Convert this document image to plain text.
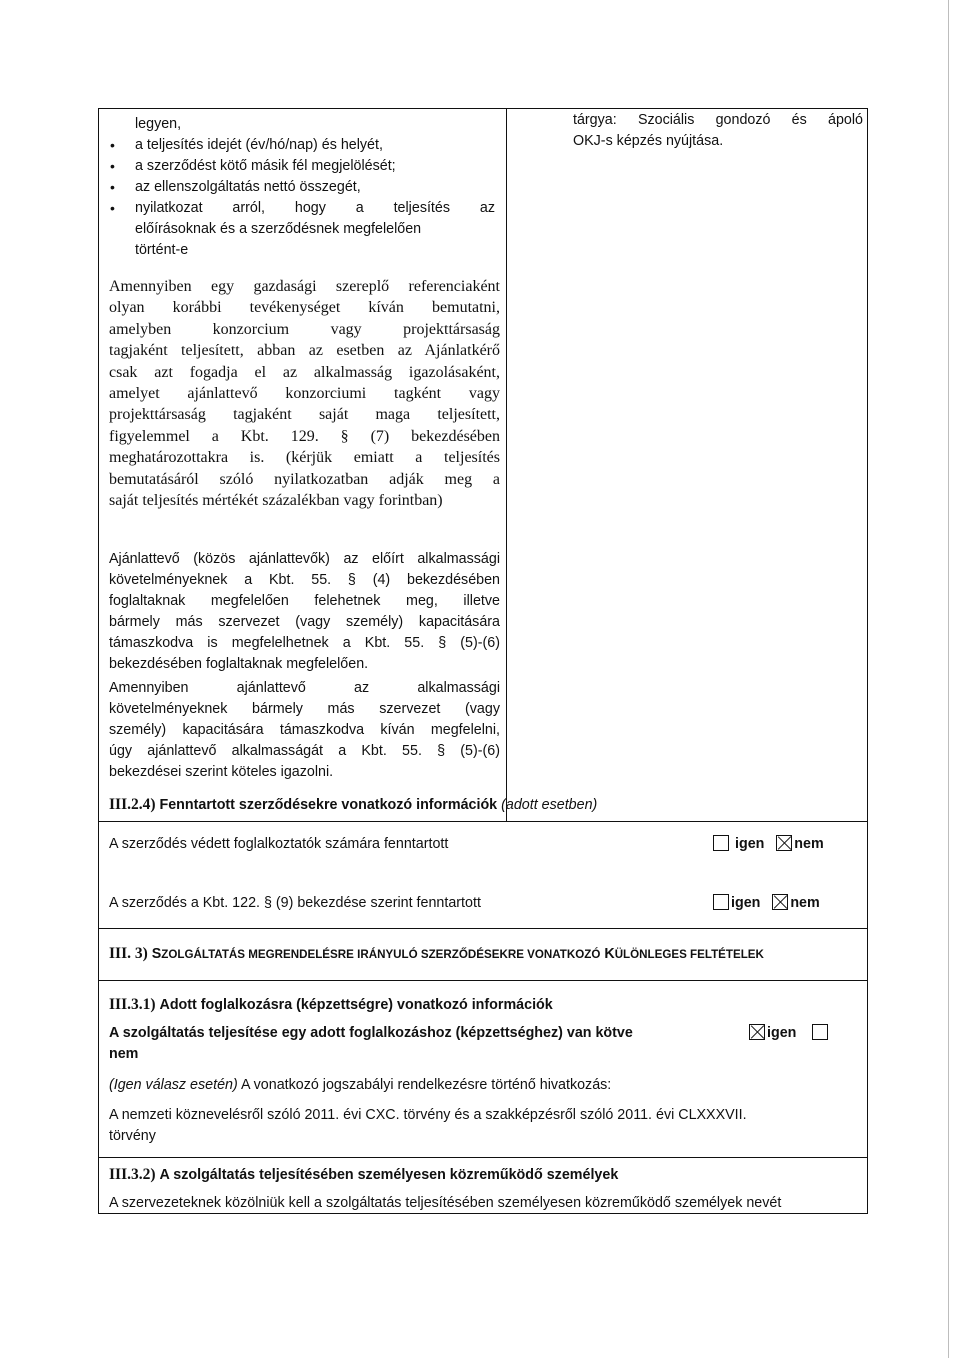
legyen,

• a teljesítés idejét (év/hó/nap) és helyét,
• a szerződést kötő másik fél megjelölését;
• az ellenszolgáltatás nettó összegét,
• nyilatkozat arról, hogy a teljesítés az
előírásoknak és a szerződésnek megfelelően
történt-e

tárgya: Szociális gondozó és ápoló

OKJ-s képzés nyújtása.

Amennyiben egy gazdasági szereplő referenciaként

olyan korábbi tevékenységet kíván bemutatni,

amelyben konzorcium vagy projekttársaság

tagjaként teljesített, abban az esetben az Ajánlatkérő

csak azt fogadja el az alkalmasság igazolásaként,

amelyet ajánlattevő konzorciumi tagként vagy

projekttársaság tagjaként saját maga teljesített,

figyelemmel a Kbt. 129. § (7) bekezdésében

meghatározottakra is. (kérjük emiatt a teljesítés

bemutatásáról szóló nyilatkozatban adják meg a

saját teljesítés mértékét százalékban vagy forintban)

Ajánlattevő (közös ajánlattevők) az előírt alkalmassági

követelményeknek a Kbt. 55. § (4) bekezdésében

foglaltaknak megfelelően felehetnek meg, illetve

bármely más szervezet (vagy személy) kapacitására

támaszkodva is megfelelhetnek a Kbt. 55. § (5)-(6)

bekezdésében foglaltaknak megfelelően.

Amennyiben ajánlattevő az alkalmassági

követelményeknek bármely más szervezet (vagy

személy) kapacitására támaszkodva kíván megfelelni,

úgy ajánlattevő alkalmasságát a Kbt. 55. § (5)-(6)

bekezdései szerint köteles igazolni.

III.2.4) Fenntartott szerződésekre vonatkozó információk (adott esetben)
A szerződés védett foglalkoztatók számára fenntartott	igen nem
A szerződés a Kbt. 122. § (9) bekezdése szerint fenntartott	igen nem
III. 3) SZOLGÁLTATÁS MEGRENDELÉSRE IRÁNYULÓ SZERZŐDÉSEKRE VONATKOZÓ KÜLÖNLEGES FELTÉTELEK
III.3.1) Adott foglalkozásra (képzettségre) vonatkozó információk
A szolgáltatás teljesítése egy adott foglalkozáshoz (képzettséghez) van kötve	igen

nem
(Igen válasz esetén) A vonatkozó jogszabályi rendelkezésre történő hivatkozás:

A nemzeti köznevelésről szóló 2011. évi CXC. törvény és a szakképzésről szóló 2011. évi CLXXXVII.

törvény

III.3.2) A szolgáltatás teljesítésében személyesen közreműködő személyek
A szervezeteknek közölniük kell a szolgáltatás teljesítésében személyesen közreműködő személyek nevét
